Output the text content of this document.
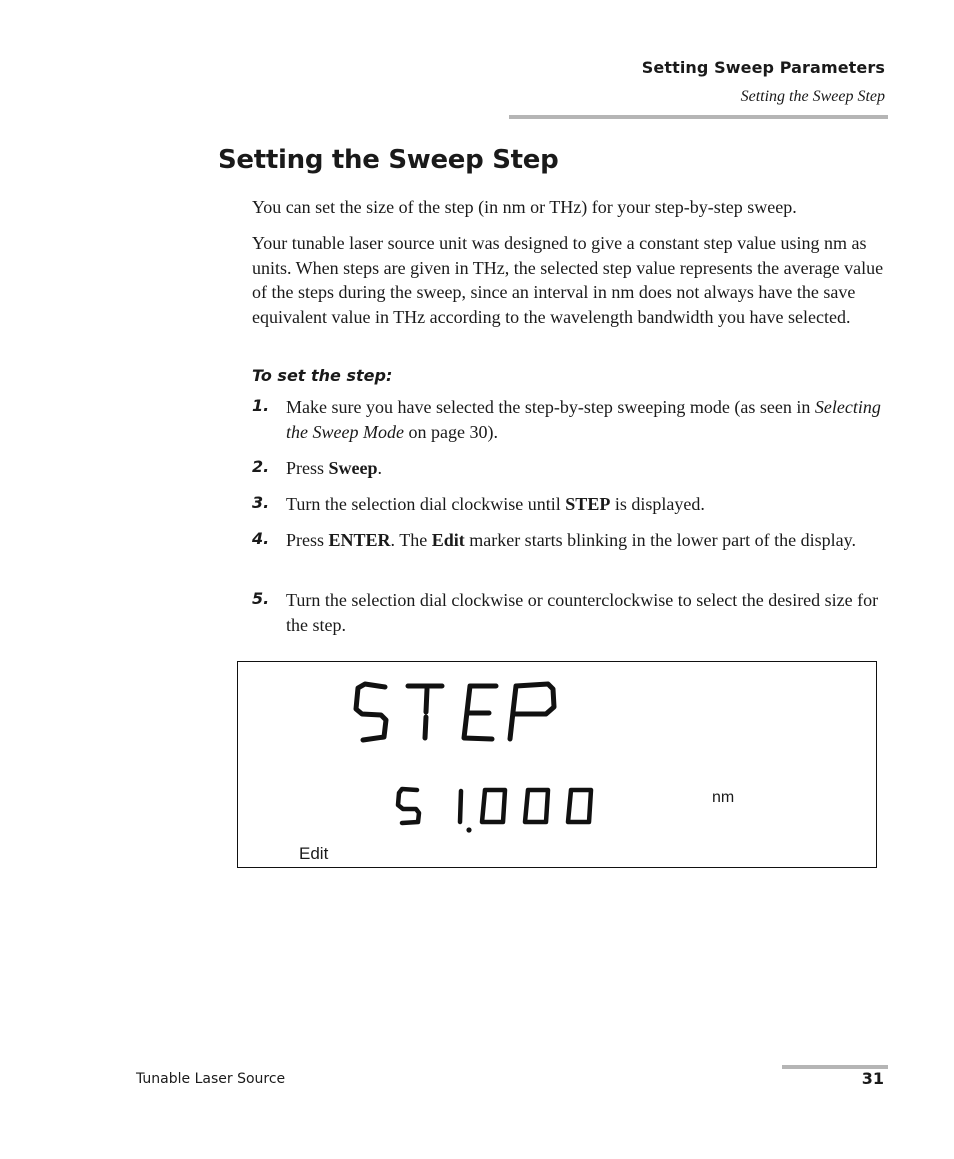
Setting Sweep Parameters
Setting the Sweep Step
Setting the Sweep Step

You can set the size of the step (in nm or THz) for your step-by-step sweep.

Your tunable laser source unit was designed to give a constant step value using nm as units. When steps are given in THz, the selected step value represents the average value of the steps during the sweep, since an interval in nm does not always have the save equivalent value in THz according to the wavelength bandwidth you have selected.

To set the step:
1. Make sure you have selected the step-by-step sweeping mode (as seen in Selecting the Sweep Mode on page 30).
2. Press Sweep.
3. Turn the selection dial clockwise until STEP is displayed.
4. Press ENTER. The Edit marker starts blinking in the lower part of the display.
5. Turn the selection dial clockwise or counterclockwise to select the desired size for the step.
nm
Edit
Tunable Laser Source	31
